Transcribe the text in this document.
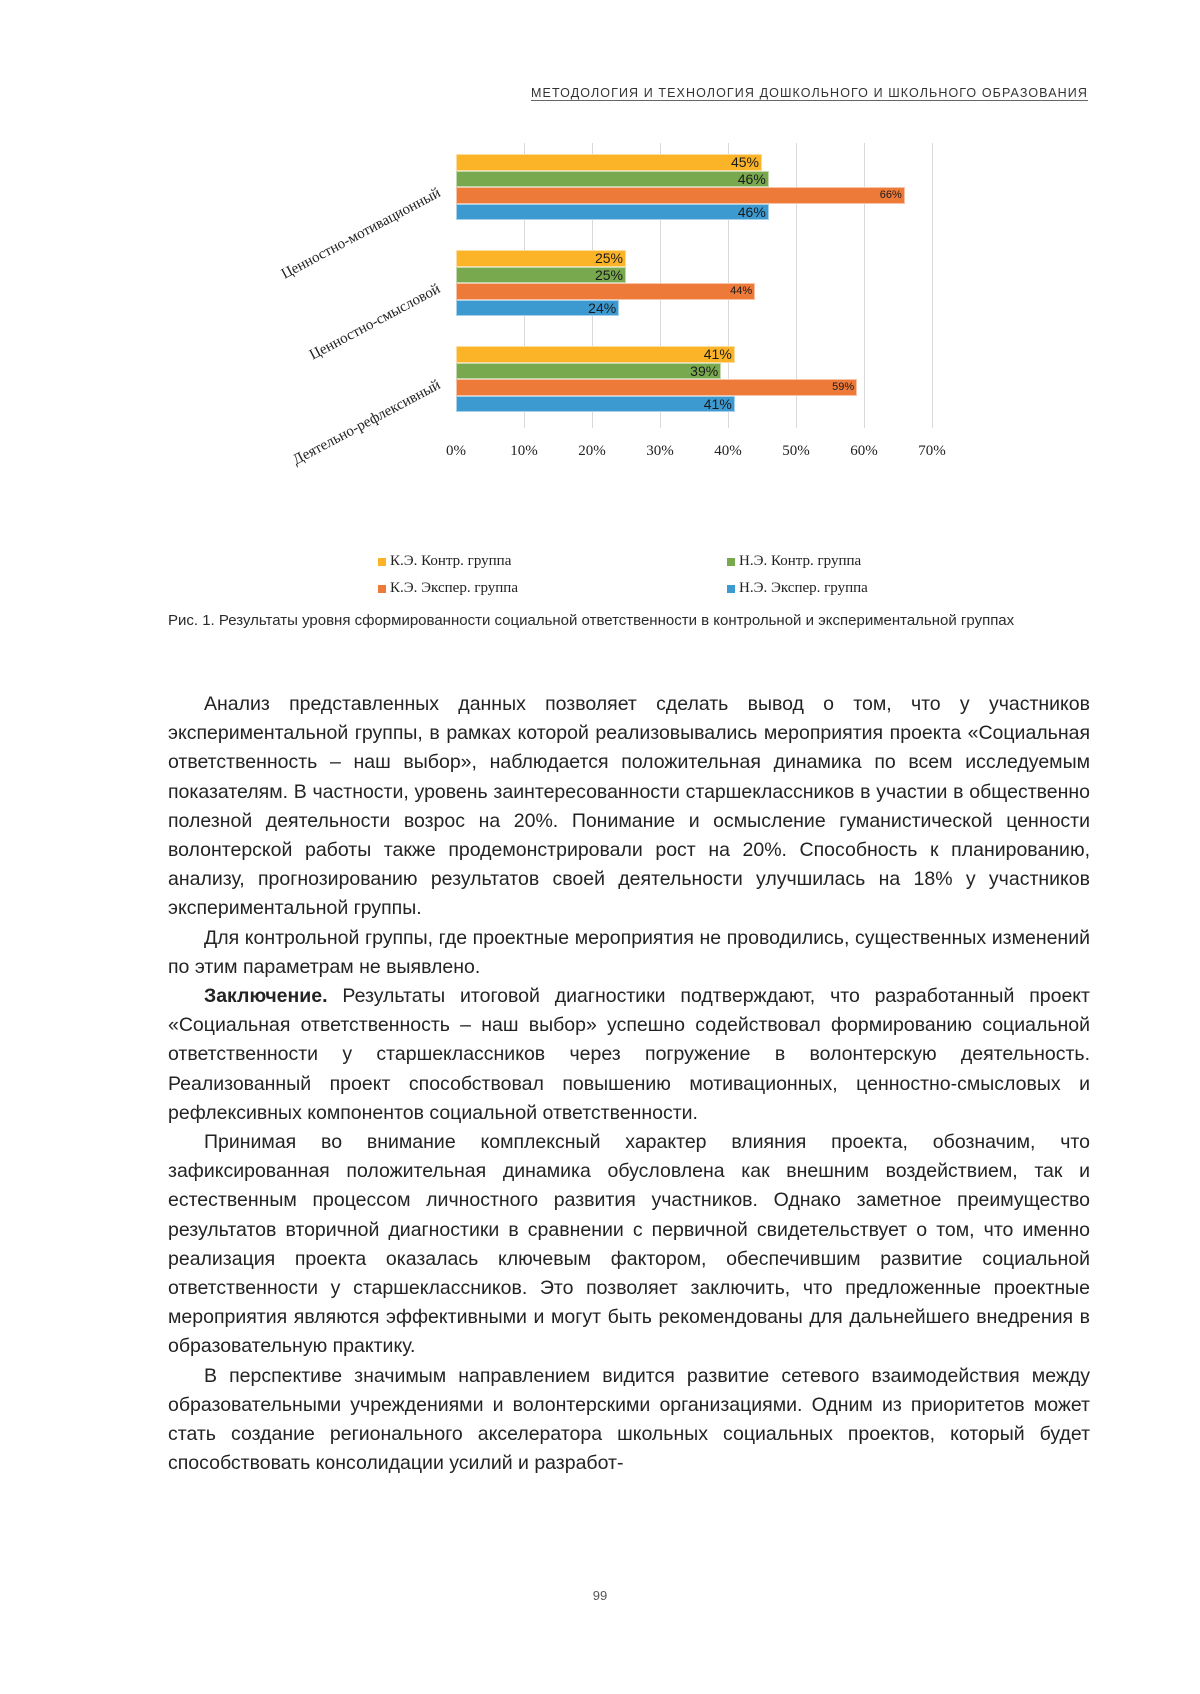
МЕТОДОЛОГИЯ И ТЕХНОЛОГИЯ ДОШКОЛЬНОГО И ШКОЛЬНОГО ОБРАЗОВАНИЯ
0%	10%	20%	30%	40%	50%	60%	70%
45%
46%
66%
46%
Ценностно-мотивационный	25%
25%
44%
24%
Ценностно-смысловой	41%
39%
59%
41%
Деятельно-рефлексивный
К.Э. Контр. группа	Н.Э. Контр. группа
К.Э. Экспер. группа	Н.Э. Экспер. группа
Рис. 1. Результаты уровня сформированности социальной ответственности в контрольной и экспериментальной группах

Анализ представленных данных позволяет сделать вывод о том, что у участников экспериментальной группы, в рамках которой реализовывались мероприятия проекта «Социальная ответственность – наш выбор», наблюдается положительная динамика по всем исследуемым показателям. В частности, уровень заинтересованности старшеклассников в участии в общественно полезной деятельности возрос на 20%. Понимание и осмысление гуманистической ценности волонтерской работы также продемонстрировали рост на 20%. Способность к планированию, анализу, прогнозированию результатов своей деятельности улучшилась на 18% у участников экспериментальной группы.

Для контрольной группы, где проектные мероприятия не проводились, существенных изменений по этим параметрам не выявлено.

Заключение. Результаты итоговой диагностики подтверждают, что разработанный проект «Социальная ответственность – наш выбор» успешно содействовал формированию социальной ответственности у старшеклассников через погружение в волонтерскую деятельность. Реализованный проект способствовал повышению мотивационных, ценностно-смысловых и рефлексивных компонентов социальной ответственности.

Принимая во внимание комплексный характер влияния проекта, обозначим, что зафиксированная положительная динамика обусловлена как внешним воздействием, так и естественным процессом личностного развития участников. Однако заметное преимущество результатов вторичной диагностики в сравнении с первичной свидетельствует о том, что именно реализация проекта оказалась ключевым фактором, обеспечившим развитие социальной ответственности у старшеклассников. Это позволяет заключить, что предложенные проектные мероприятия являются эффективными и могут быть рекомендованы для дальнейшего внедрения в образовательную практику.

В перспективе значимым направлением видится развитие сетевого взаимодействия между образовательными учреждениями и волонтерскими организациями. Одним из приоритетов может стать создание регионального акселератора школьных социальных проектов, который будет способствовать консолидации усилий и разработ-

99
